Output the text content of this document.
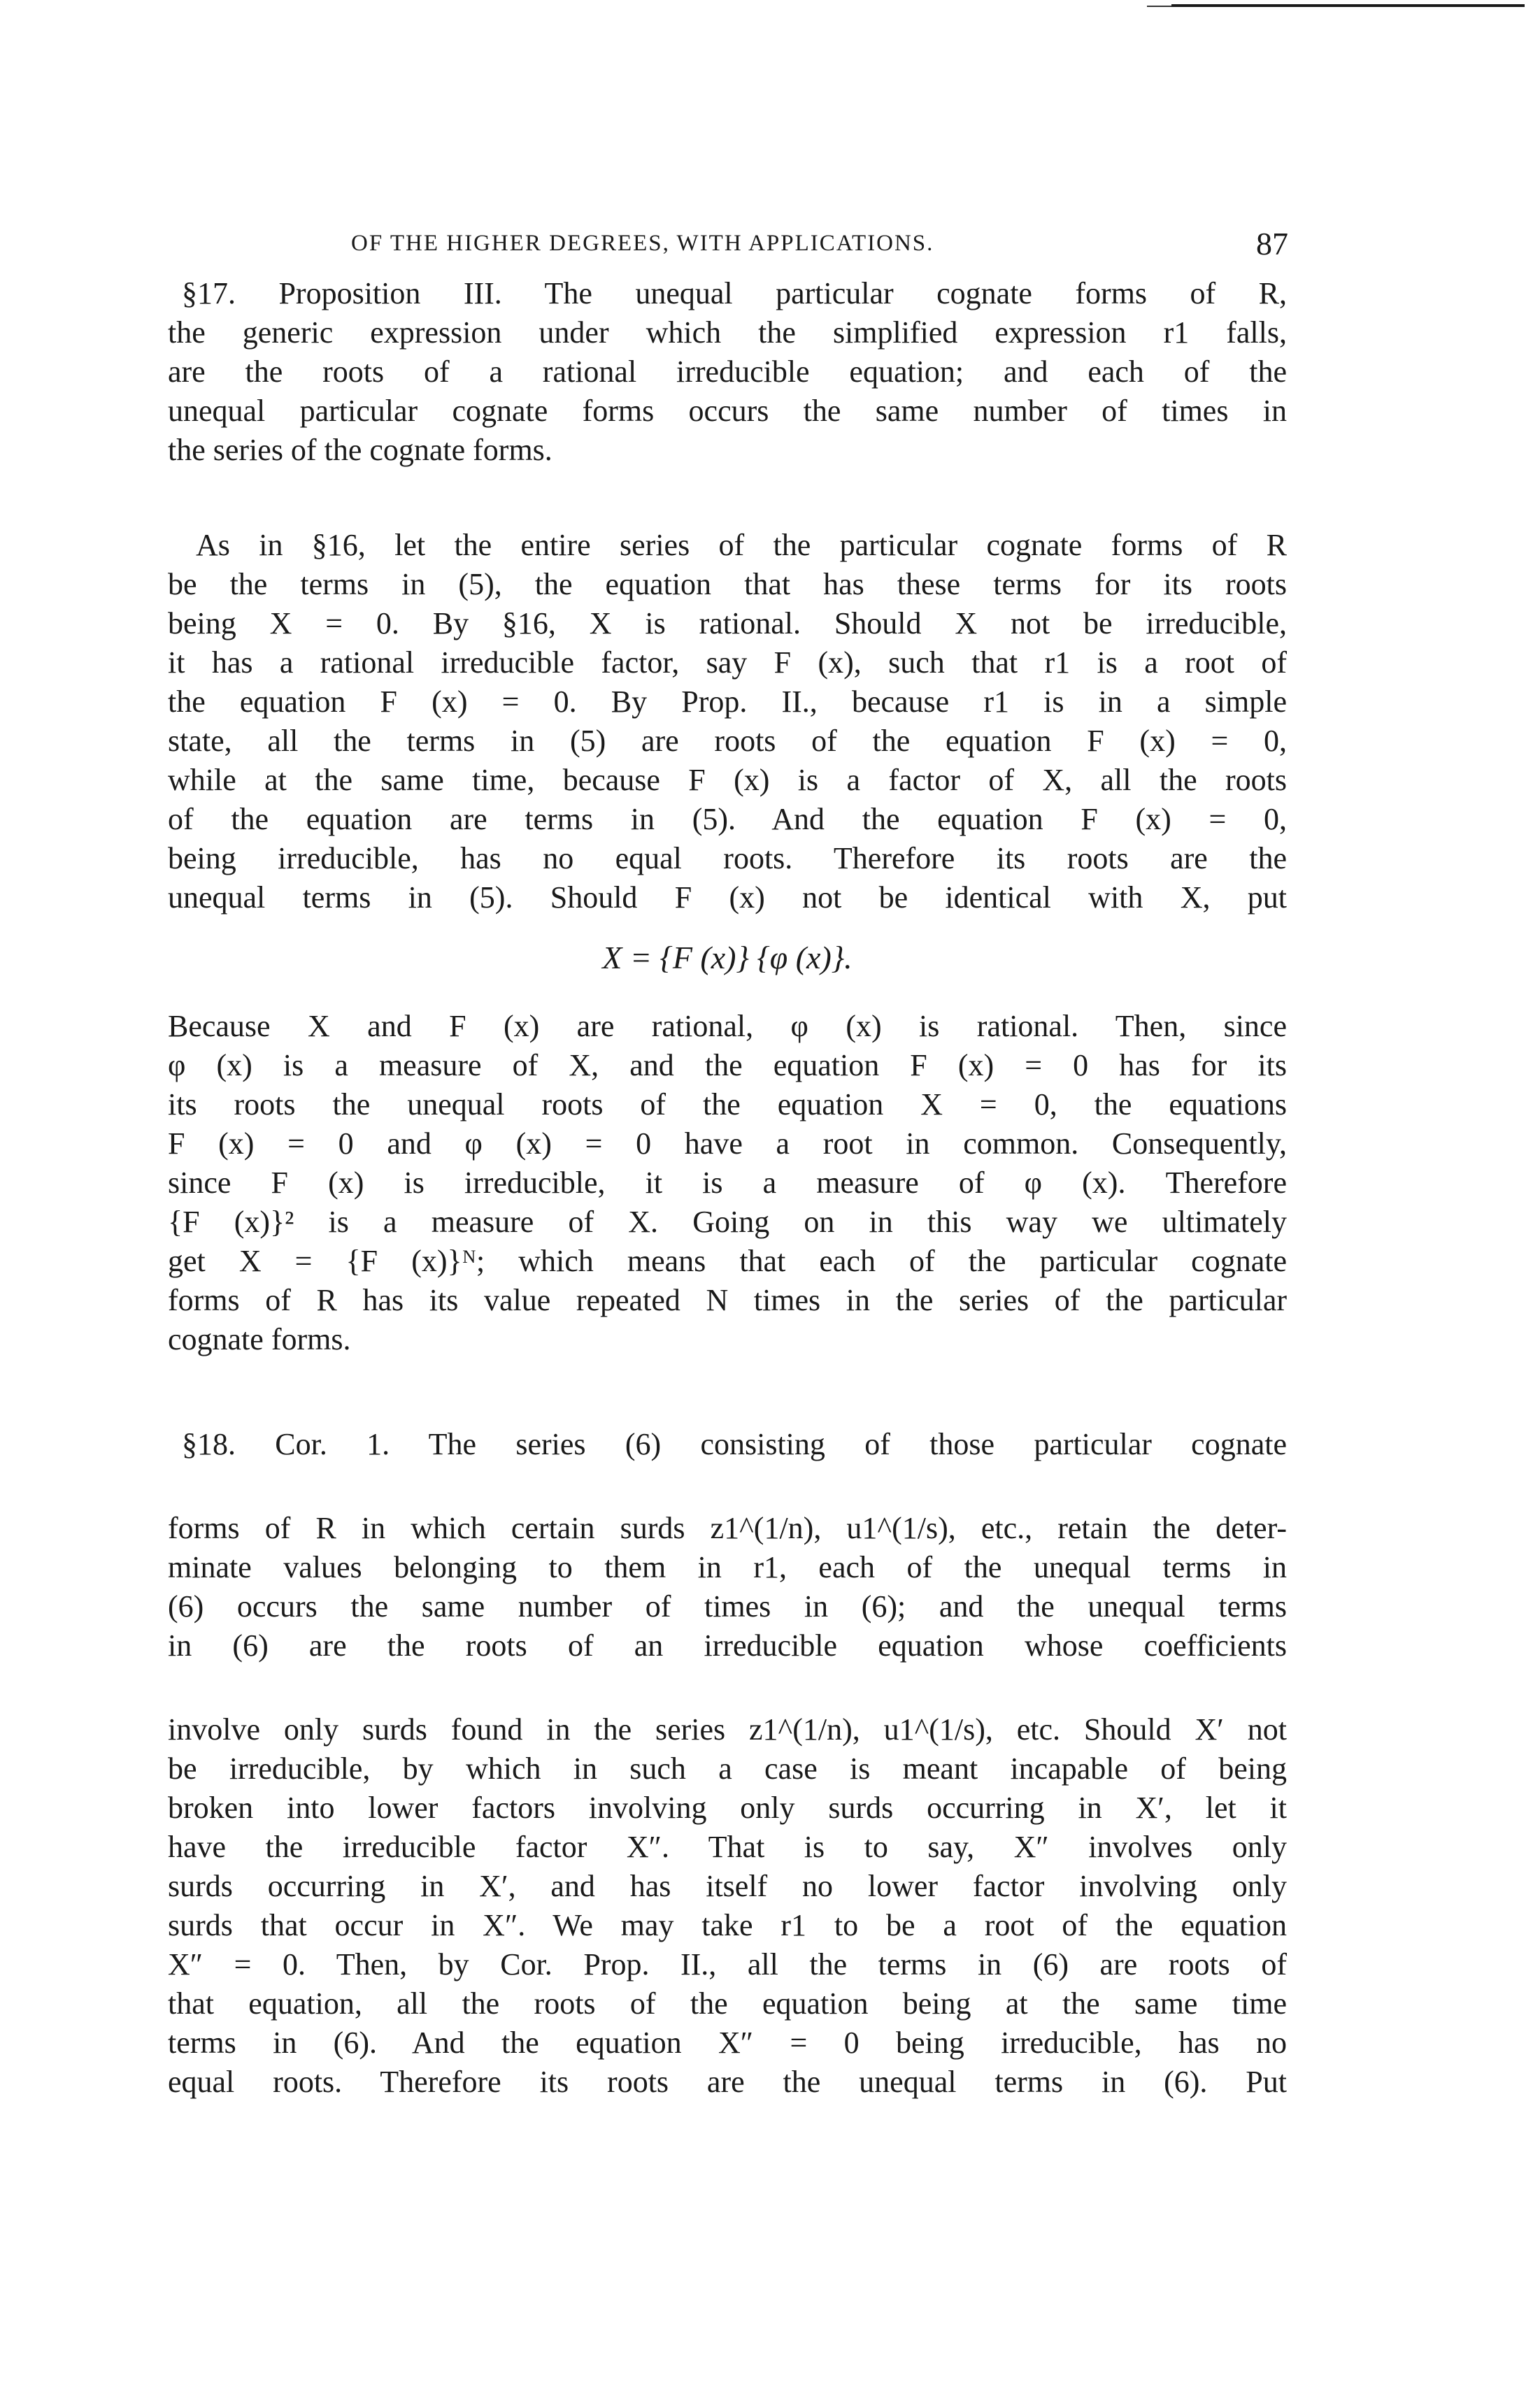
OF THE HIGHER DEGREES, WITH APPLICATIONS.	87
§17. Proposition III. The unequal particular cognate forms of R,
the generic expression under which the simplified expression r1 falls,
are the roots of a rational irreducible equation; and each of the
unequal particular cognate forms occurs the same number of times in
the series of the cognate forms.
As in §16, let the entire series of the particular cognate forms of R
be the terms in (5), the equation that has these terms for its roots
being X = 0. By §16, X is rational. Should X not be irreducible,
it has a rational irreducible factor, say F (x), such that r1 is a root of
the equation F (x) = 0. By Prop. II., because r1 is in a simple
state, all the terms in (5) are roots of the equation F (x) = 0,
while at the same time, because F (x) is a factor of X, all the roots
of the equation are terms in (5). And the equation F (x) = 0,
being irreducible, has no equal roots. Therefore its roots are the
unequal terms in (5). Should F (x) not be identical with X, put
X = {F (x)} {φ (x)}.
Because X and F (x) are rational, φ (x) is rational. Then, since
φ (x) is a measure of X, and the equation F (x) = 0 has for its
its roots the unequal roots of the equation X = 0, the equations
F (x) = 0 and φ (x) = 0 have a root in common. Consequently,
since F (x) is irreducible, it is a measure of φ (x). Therefore
{F (x)}² is a measure of X. Going on in this way we ultimately
get X = {F (x)}ᴺ; which means that each of the particular cognate
forms of R has its value repeated N times in the series of the particular
cognate forms.
§18. Cor. 1. The series (6) consisting of those particular cognate
forms of R in which certain surds z1^(1/n), u1^(1/s), etc., retain the deter-
minate values belonging to them in r1, each of the unequal terms in
(6) occurs the same number of times in (6); and the unequal terms
in (6) are the roots of an irreducible equation whose coefficients
involve only surds found in the series z1^(1/n), u1^(1/s), etc. Should X′ not
be irreducible, by which in such a case is meant incapable of being
broken into lower factors involving only surds occurring in X′, let it
have the irreducible factor X″. That is to say, X″ involves only
surds occurring in X′, and has itself no lower factor involving only
surds that occur in X″. We may take r1 to be a root of the equation
X″ = 0. Then, by Cor. Prop. II., all the terms in (6) are roots of
that equation, all the roots of the equation being at the same time
terms in (6). And the equation X″ = 0 being irreducible, has no
equal roots. Therefore its roots are the unequal terms in (6). Put
